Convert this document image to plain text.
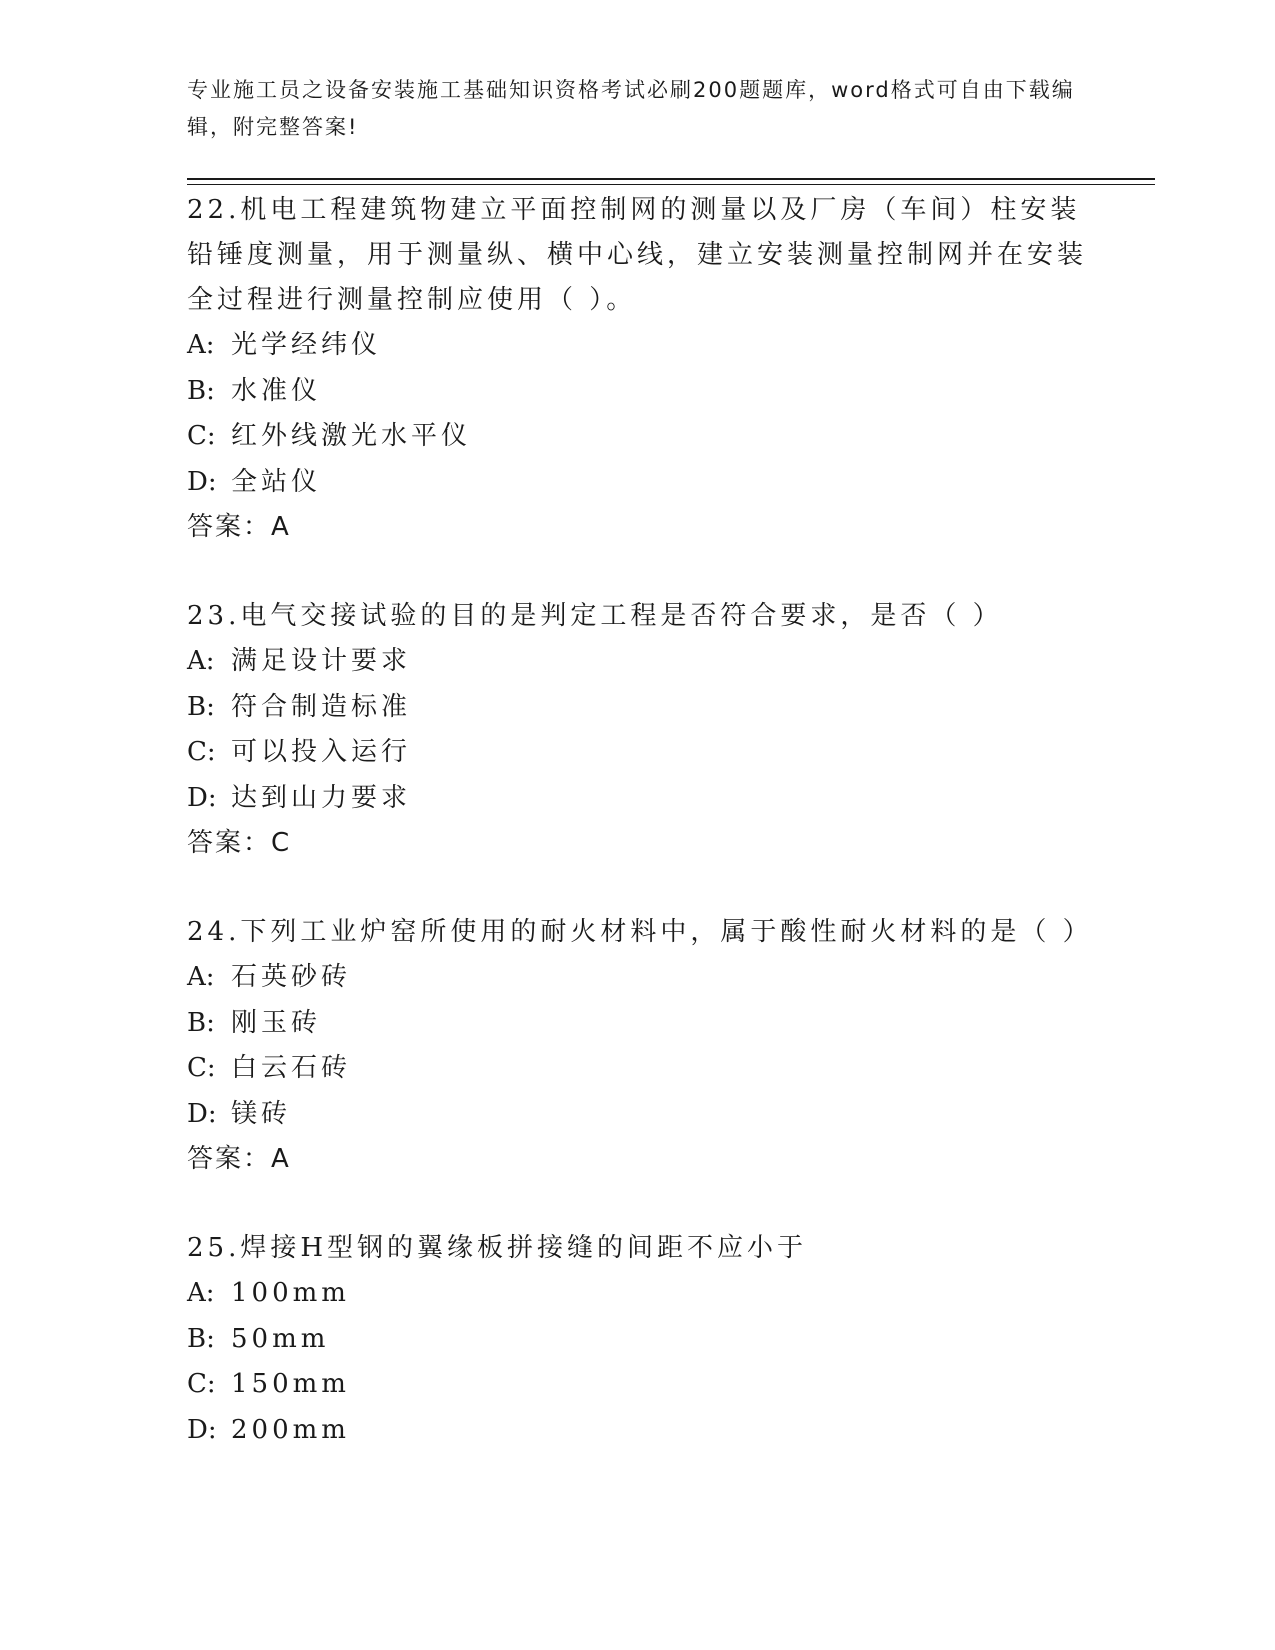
专业施工员之设备安装施工基础知识资格考试必刷200题题库，word格式可自由下载编辑，附完整答案!

22.机电工程建筑物建立平面控制网的测量以及厂房（车间）柱安装铅锤度测量，用于测量纵、横中心线，建立安装测量控制网并在安装全过程进行测量控制应使用（ ）。

A: 光学经纬仪

B: 水准仪

C: 红外线激光水平仪

D: 全站仪

答案：A

23.电气交接试验的目的是判定工程是否符合要求，是否（ ）

A: 满足设计要求

B: 符合制造标准

C: 可以投入运行

D: 达到山力要求

答案：C

24.下列工业炉窑所使用的耐火材料中，属于酸性耐火材料的是（ ）

A: 石英砂砖

B: 刚玉砖

C: 白云石砖

D: 镁砖

答案：A

25.焊接H型钢的翼缘板拼接缝的间距不应小于

A: 100mm

B: 50mm

C: 150mm

D: 200mm
